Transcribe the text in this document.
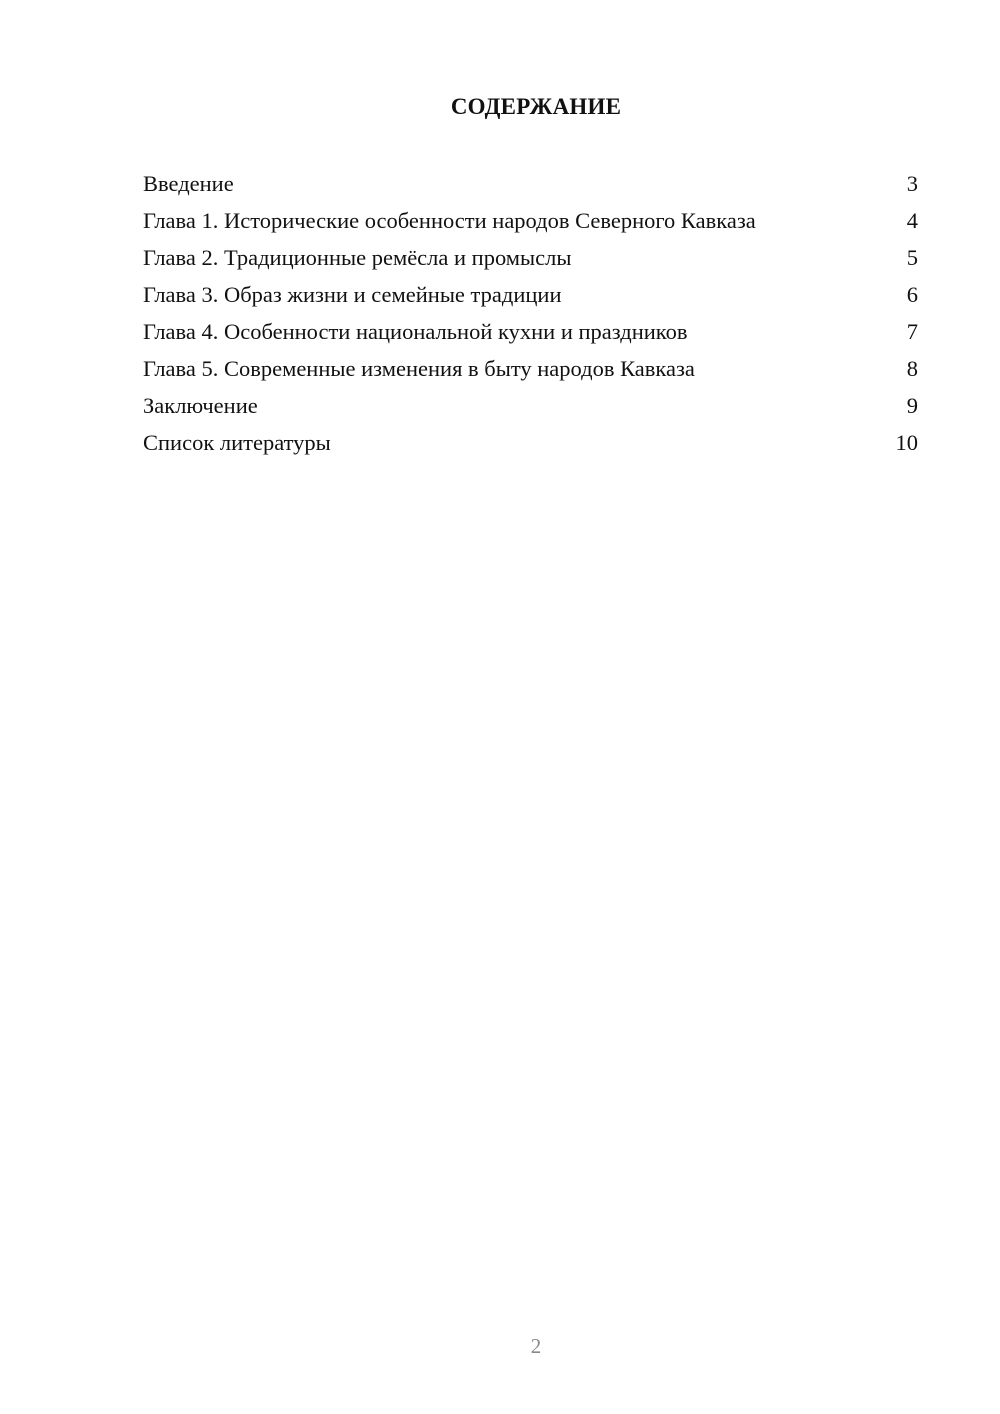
СОДЕРЖАНИЕ
Введение	3
Глава 1. Исторические особенности народов Северного Кавказа	4
Глава 2. Традиционные ремёсла и промыслы	5
Глава 3. Образ жизни и семейные традиции	6
Глава 4. Особенности национальной кухни и праздников	7
Глава 5. Современные изменения в быту народов Кавказа	8
Заключение	9
Список литературы	10
2
